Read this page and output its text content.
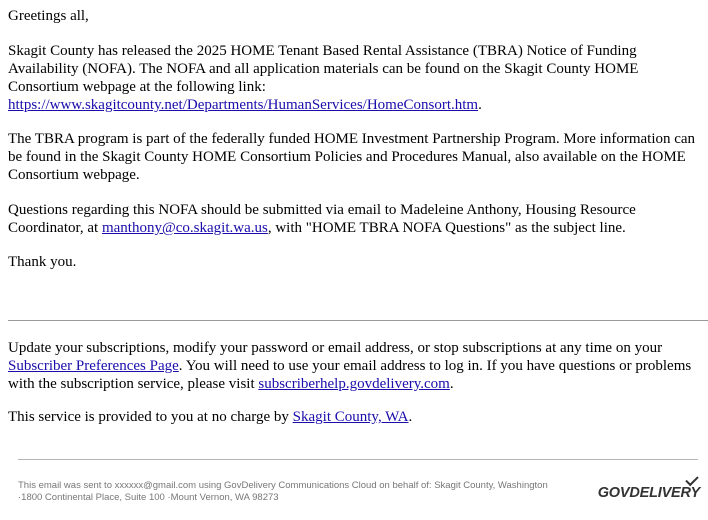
Greetings all,

Skagit County has released the 2025 HOME Tenant Based Rental Assistance (TBRA) Notice of Funding Availability (NOFA). The NOFA and all application materials can be found on the Skagit County HOME Consortium webpage at the following link: https://www.skagitcounty.net/Departments/HumanServices/HomeConsort.htm.

The TBRA program is part of the federally funded HOME Investment Partnership Program. More information can be found in the Skagit County HOME Consortium Policies and Procedures Manual, also available on the HOME Consortium webpage.

Questions regarding this NOFA should be submitted via email to Madeleine Anthony, Housing Resource Coordinator, at manthony@co.skagit.wa.us, with "HOME TBRA NOFA Questions" as the subject line.

Thank you.

Update your subscriptions, modify your password or email address, or stop subscriptions at any time on your Subscriber Preferences Page. You will need to use your email address to log in. If you have questions or problems with the subscription service, please visit subscriberhelp.govdelivery.com.

This service is provided to you at no charge by Skagit County, WA.

This email was sent to xxxxxx@gmail.com using GovDelivery Communications Cloud on behalf of: Skagit County, Washington
·1800 Continental Place, Suite 100 ·Mount Vernon, WA 98273	GOVDELIVERY
